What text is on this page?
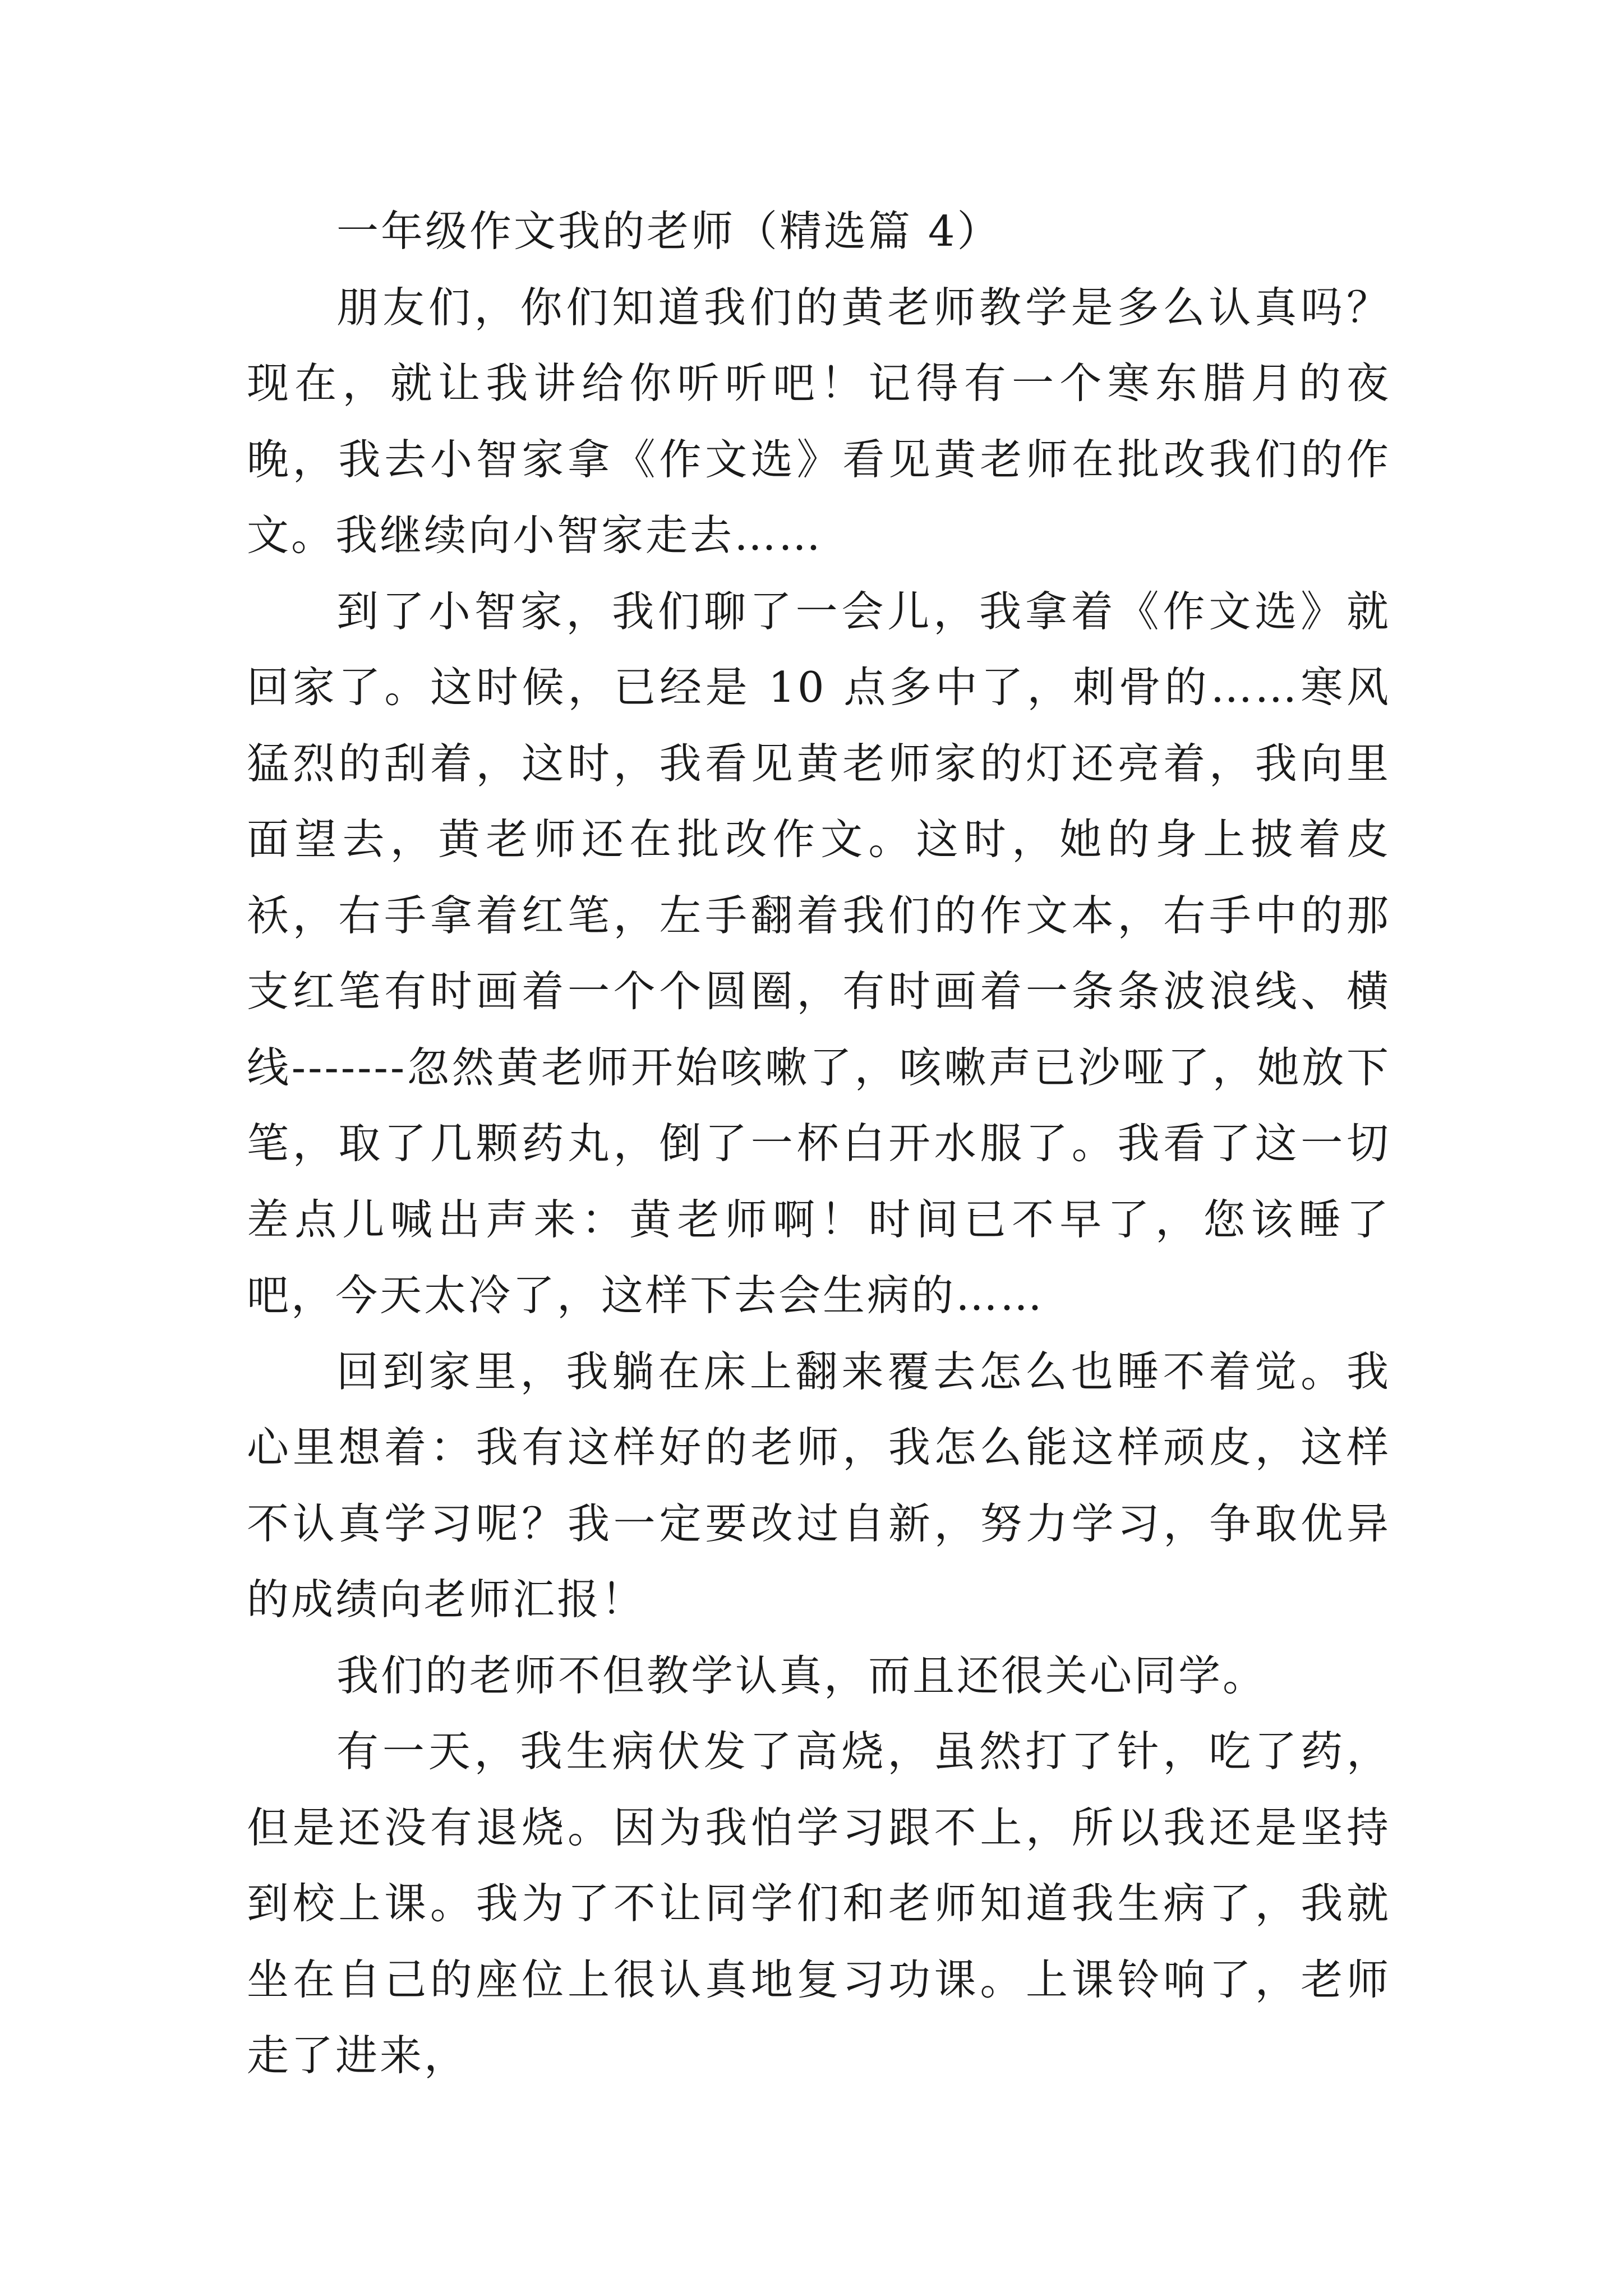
一年级作文我的老师（精选篇 4）

朋友们，你们知道我们的黄老师教学是多么认真吗？现在，就让我讲给你听听吧！记得有一个寒东腊月的夜晚，我去小智家拿《作文选》看见黄老师在批改我们的作文。我继续向小智家走去……

到了小智家，我们聊了一会儿，我拿着《作文选》就回家了。这时候，已经是 10 点多中了，刺骨的……寒风猛烈的刮着，这时，我看见黄老师家的灯还亮着，我向里面望去，黄老师还在批改作文。这时，她的身上披着皮袄，右手拿着红笔，左手翻着我们的作文本，右手中的那支红笔有时画着一个个圆圈，有时画着一条条波浪线、横线-------忽然黄老师开始咳嗽了，咳嗽声已沙哑了，她放下笔，取了几颗药丸，倒了一杯白开水服了。我看了这一切差点儿喊出声来：黄老师啊！时间已不早了，您该睡了吧，今天太冷了，这样下去会生病的……

回到家里，我躺在床上翻来覆去怎么也睡不着觉。我心里想着：我有这样好的老师，我怎么能这样顽皮，这样不认真学习呢？我一定要改过自新，努力学习，争取优异的成绩向老师汇报！

我们的老师不但教学认真，而且还很关心同学。

有一天，我生病伏发了高烧，虽然打了针，吃了药，但是还没有退烧。因为我怕学习跟不上，所以我还是坚持到校上课。我为了不让同学们和老师知道我生病了，我就坐在自己的座位上很认真地复习功课。上课铃响了，老师走了进来，
